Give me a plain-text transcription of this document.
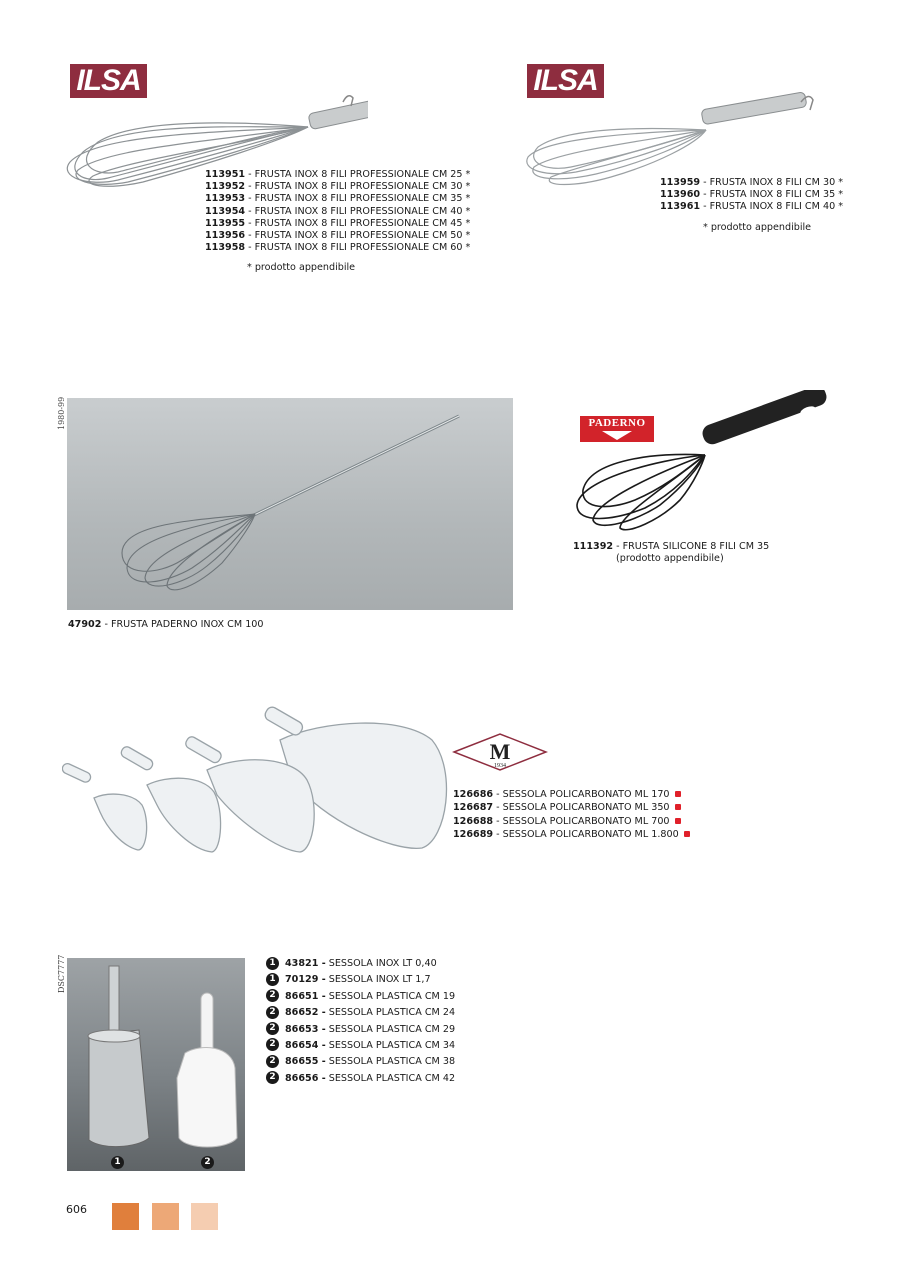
ILSA	ILSA
113951 - FRUSTA INOX 8 FILI PROFESSIONALE CM 25 *
113952 - FRUSTA INOX 8 FILI PROFESSIONALE CM 30 *
113953 - FRUSTA INOX 8 FILI PROFESSIONALE CM 35 *
113954 - FRUSTA INOX 8 FILI PROFESSIONALE CM 40 *
113955 - FRUSTA INOX 8 FILI PROFESSIONALE CM 45 *
113956 - FRUSTA INOX 8 FILI PROFESSIONALE CM 50 *
113958 - FRUSTA INOX 8 FILI PROFESSIONALE CM 60 *
* prodotto appendibile
113959 - FRUSTA INOX 8 FILI CM 30 *
113960 - FRUSTA INOX 8 FILI CM 35 *
113961 - FRUSTA INOX 8 FILI CM 40 *
* prodotto appendibile
1980-99
47902 - FRUSTA PADERNO INOX CM 100
PADERNO
111392 - FRUSTA SILICONE 8 FILI CM 35
(prodotto appendibile)
M
1934
126686 - SESSOLA POLICARBONATO ML 170
126687 - SESSOLA POLICARBONATO ML 350
126688 - SESSOLA POLICARBONATO ML 700
126689 - SESSOLA POLICARBONATO ML 1.800
DSC7777
1	2
1 43821 - SESSOLA INOX LT 0,40
1 70129 - SESSOLA INOX LT 1,7
2 86651 - SESSOLA PLASTICA CM 19
2 86652 - SESSOLA PLASTICA CM 24
2 86653 - SESSOLA PLASTICA CM 29
2 86654 - SESSOLA PLASTICA CM 34
2 86655 - SESSOLA PLASTICA CM 38
2 86656 - SESSOLA PLASTICA CM 42
606
